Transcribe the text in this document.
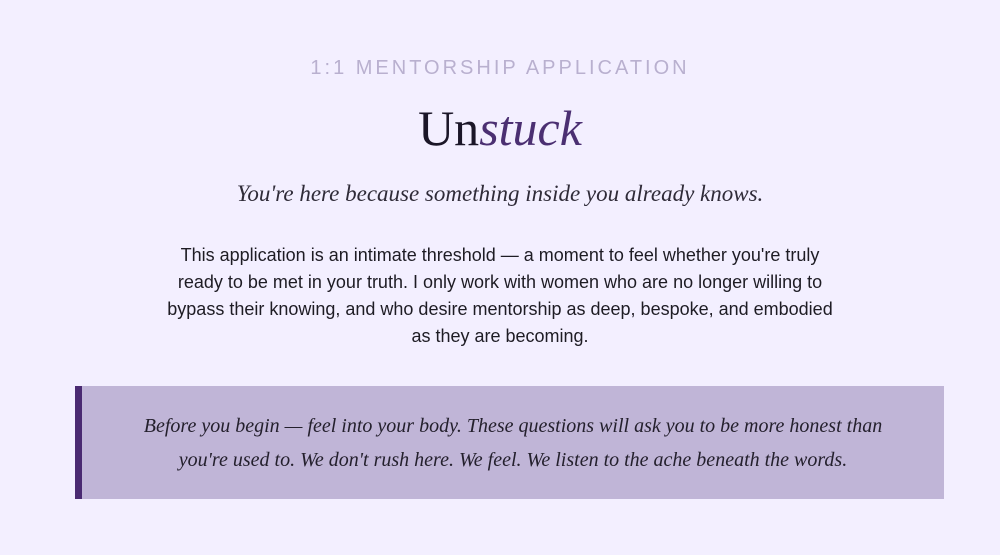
1:1 MENTORSHIP APPLICATION

Unstuck

You're here because something inside you already knows.

This application is an intimate threshold — a moment to feel whether you're truly ready to be met in your truth. I only work with women who are no longer willing to bypass their knowing, and who desire mentorship as deep, bespoke, and embodied as they are becoming.

Before you begin — feel into your body. These questions will ask you to be more honest than you're used to. We don't rush here. We feel. We listen to the ache beneath the words.
